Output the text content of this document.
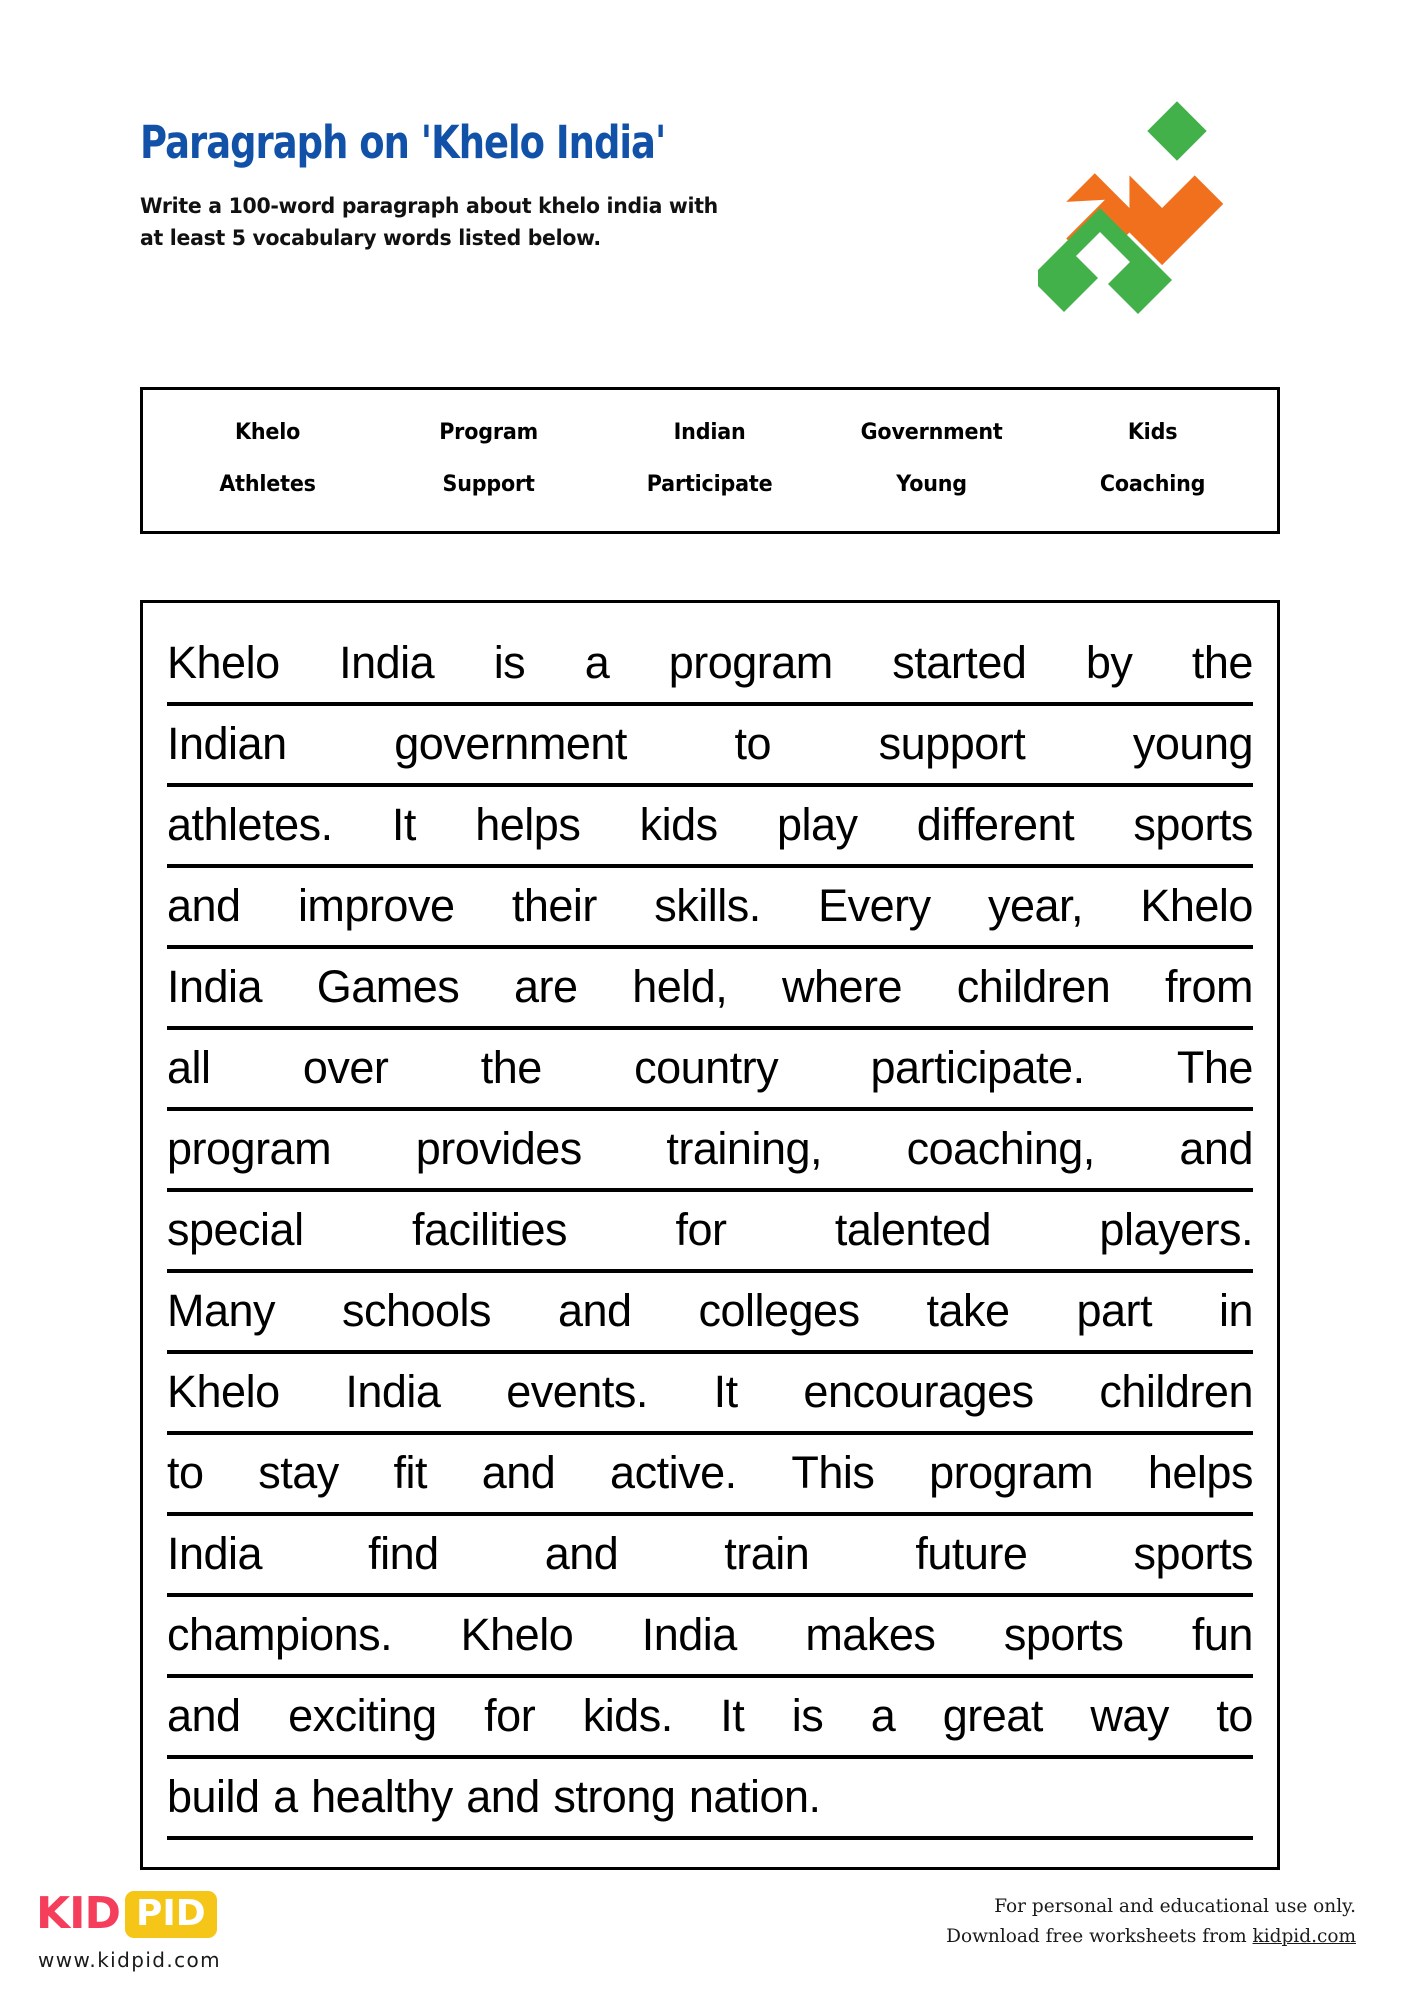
Paragraph on 'Khelo India'
Write a 100-word paragraph about khelo india with
at least 5 vocabulary words listed below.
Khelo	Program	Indian	Government	Kids
Athletes	Support	Participate	Young	Coaching
Khelo India is a program started by the
Indian government to support young
athletes. It helps kids play different sports
and improve their skills. Every year, Khelo
India Games are held, where children from
all over the country participate. The
program provides training, coaching, and
special facilities for talented players.
Many schools and colleges take part in
Khelo India events. It encourages children
to stay fit and active. This program helps
India find and train future sports
champions. Khelo India makes sports fun
and exciting for kids. It is a great way to
build a healthy and strong nation.
KID PID
www.kidpid.com
For personal and educational use only.
Download free worksheets from kidpid.com
